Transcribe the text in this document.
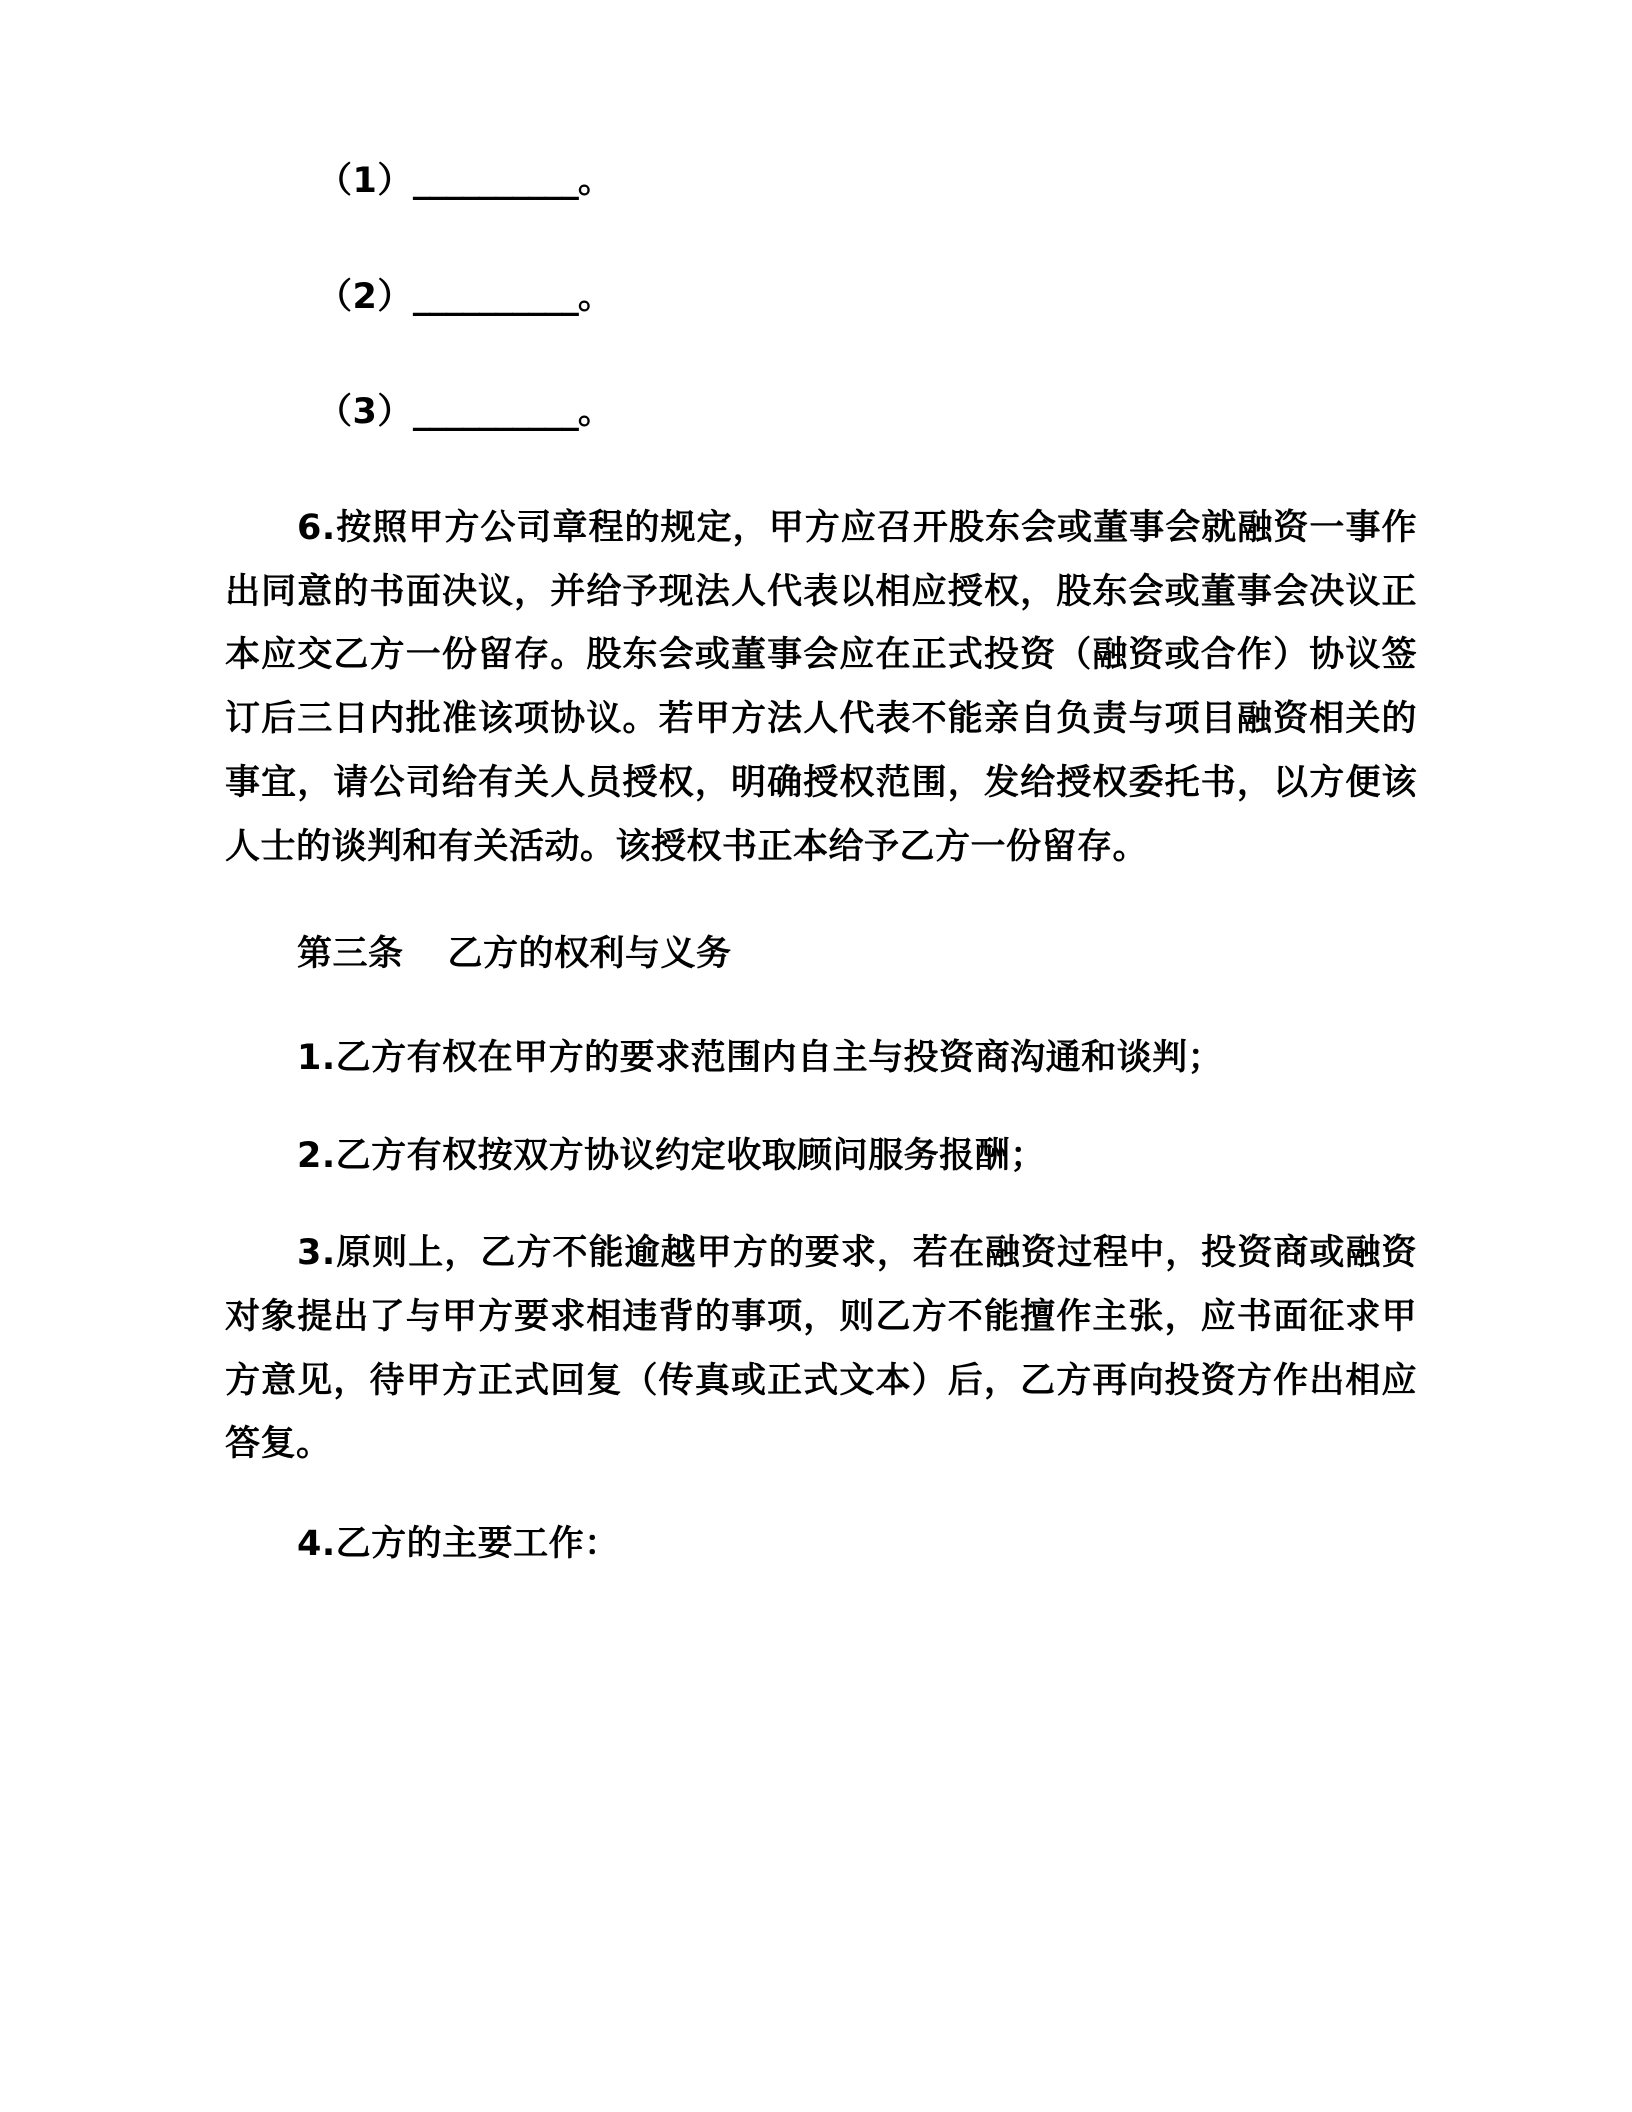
（1）__________。
（2）__________。
（3）__________。

6.按照甲方公司章程的规定，甲方应召开股东会或董事会就融资一事作出同意的书面决议，并给予现法人代表以相应授权，股东会或董事会决议正本应交乙方一份留存。股东会或董事会应在正式投资（融资或合作）协议签订后三日内批准该项协议。若甲方法人代表不能亲自负责与项目融资相关的事宜，请公司给有关人员授权，明确授权范围，发给授权委托书，以方便该人士的谈判和有关活动。该授权书正本给予乙方一份留存。

第三条 乙方的权利与义务

1.乙方有权在甲方的要求范围内自主与投资商沟通和谈判；

2.乙方有权按双方协议约定收取顾问服务报酬；

3.原则上，乙方不能逾越甲方的要求，若在融资过程中，投资商或融资对象提出了与甲方要求相违背的事项，则乙方不能擅作主张，应书面征求甲方意见，待甲方正式回复（传真或正式文本）后，乙方再向投资方作出相应答复。

4.乙方的主要工作：
